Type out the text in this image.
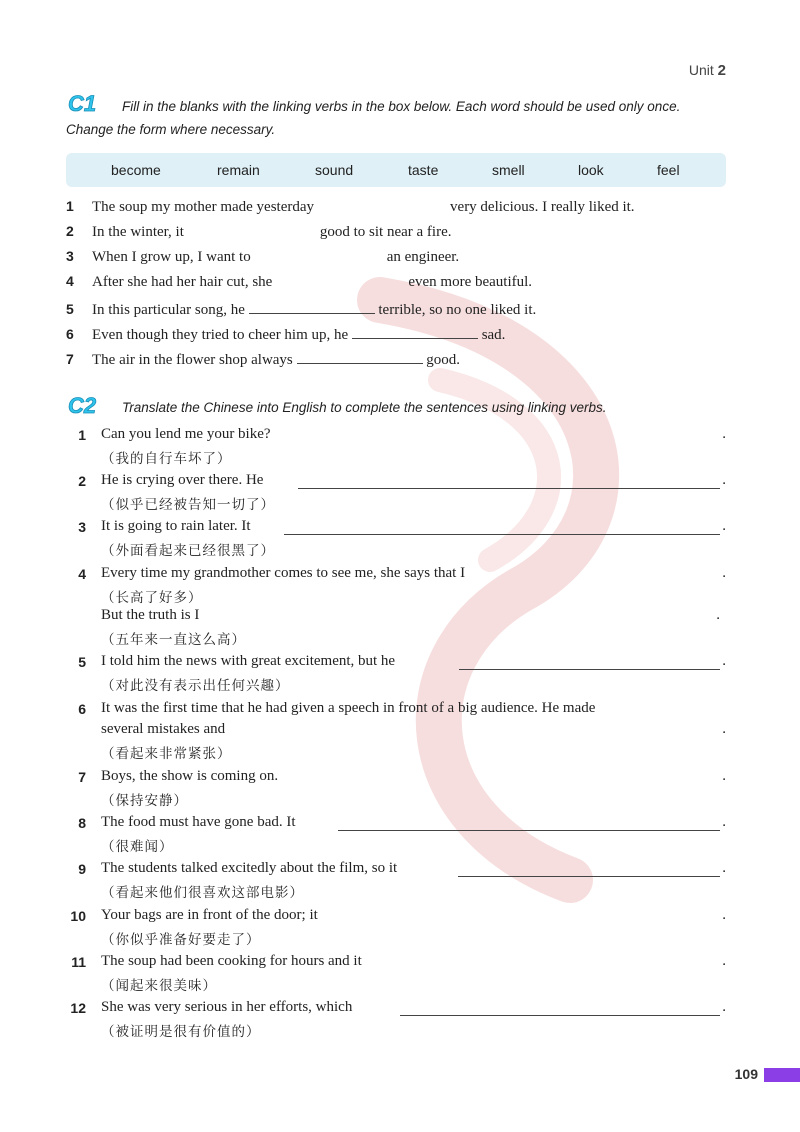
Unit 2
C1 Fill in the blanks with the linking verbs in the box below. Each word should be used only once.
Change the form where necessary.
become	remain	sound	taste	smell	look	feel
1 The soup my mother made yesterday	very delicious. I really liked it.
2 In the winter, it	good to sit near a fire.
3 When I grow up, I want to	an engineer.
4 After she had her hair cut, she	even more beautiful.
5 In this particular song, he	terrible, so no one liked it.
6 Even though they tried to cheer him up, he	sad.
7 The air in the flower shop always	good.
C2 Translate the Chinese into English to complete the sentences using linking verbs.
1 Can you lend me your bike?	.
（我的自行车坏了）
2 He is crying over there. He	.
（似乎已经被告知一切了）
3 It is going to rain later. It	.
（外面看起来已经很黑了）
4 Every time my grandmother comes to see me, she says that I	.
（长高了好多）
But the truth is I	.
（五年来一直这么高）
5 I told him the news with great excitement, but he	.
（对此没有表示出任何兴趣）
6 It was the first time that he had given a speech in front of a big audience. He made
several mistakes and	.
（看起来非常紧张）
7 Boys, the show is coming on.	.
（保持安静）
8 The food must have gone bad. It	.
（很难闻）
9 The students talked excitedly about the film, so it	.
（看起来他们很喜欢这部电影）
10 Your bags are in front of the door; it	.
（你似乎准备好要走了）
11 The soup had been cooking for hours and it	.
（闻起来很美味）
12 She was very serious in her efforts, which	.
（被证明是很有价值的）
109
